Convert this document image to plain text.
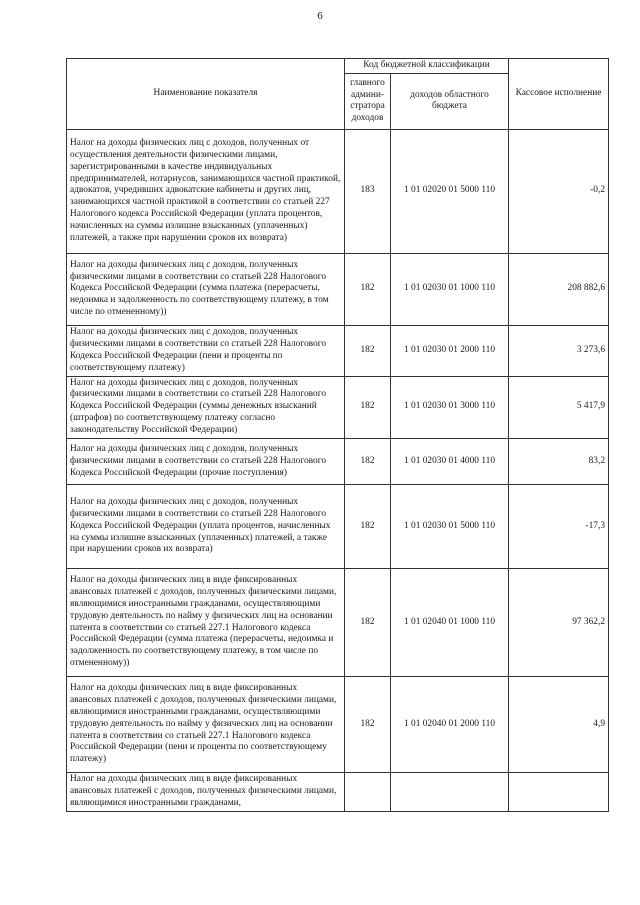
6
Наименование показателя	Код бюджетной классификации		Кассовое исполнение
	главного админи- стратора доходов	доходов областного бюджета	
Налог на доходы физических лиц с доходов, полученных от осуществления деятельности физическими лицами, зарегистрированными в качестве индивидуальных предпринимателей, нотариусов, занимающихся частной практикой, адвокатов, учредивших адвокатские кабинеты и других лиц, занимающихся частной практикой в соответствии со статьей 227 Налогового кодекса Российской Федерации (уплата процентов, начисленных на суммы излишне взысканных (уплаченных) платежей, а также при нарушении сроков их возврата)	183	1 01 02020 01 5000 110	-0,2
Налог на доходы физических лиц с доходов, полученных физическими лицами в соответствии со статьей 228 Налогового Кодекса Российской Федерации (сумма платежа (перерасчеты, недоимка и задолженность по соответствующему платежу, в том числе по отмененному))	182	1 01 02030 01 1000 110	208 882,6
Налог на доходы физических лиц с доходов, полученных физическими лицами в соответствии со статьей 228 Налогового Кодекса Российской Федерации (пени и проценты по соответствующему платежу)	182	1 01 02030 01 2000 110	3 273,6
Налог на доходы физических лиц с доходов, полученных физическими лицами в соответствии со статьей 228 Налогового Кодекса Российской Федерации (суммы денежных взысканий (штрафов) по соответствующему платежу согласно законодательству Российской Федерации)	182	1 01 02030 01 3000 110	5 417,9
Налог на доходы физических лиц с доходов, полученных физическими лицами в соответствии со статьей 228 Налогового Кодекса Российской Федерации (прочие поступления)	182	1 01 02030 01 4000 110	83,2
Налог на доходы физических лиц с доходов, полученных физическими лицами в соответствии со статьей 228 Налогового Кодекса Российской Федерации (уплата процентов, начисленных на суммы излишне взысканных (уплаченных) платежей, а также при нарушении сроков их возврата)	182	1 01 02030 01 5000 110	-17,3
Налог на доходы физических лиц в виде фиксированных авансовых платежей с доходов, полученных физическими лицами, являющимися иностранными гражданами, осуществляющими трудовую деятельность по найму у физических лиц на основании патента в соответствии со статьей 227.1 Налогового кодекса Российской Федерации (сумма платежа (перерасчеты, недоимка и задолженность по соответствующему платежу, в том числе по отмененному))	182	1 01 02040 01 1000 110	97 362,2
Налог на доходы физических лиц в виде фиксированных авансовых платежей с доходов, полученных физическими лицами, являющимися иностранными гражданами, осуществляющими трудовую деятельность по найму у физических лиц на основании патента в соответствии со статьей 227.1 Налогового кодекса Российской Федерации (пени и проценты по соответствующему платежу)	182	1 01 02040 01 2000 110	4,9
Налог на доходы физических лиц в виде фиксированных авансовых платежей с доходов, полученных физическими лицами, являющимися иностранными гражданами,			
